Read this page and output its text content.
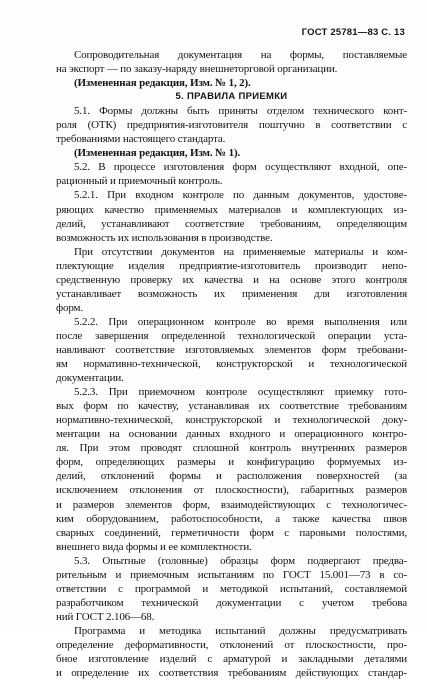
ГОСТ 25781—83 С. 13
Сопроводительная документация на формы, поставляемые
на экспорт — по заказу-наряду внешнеторговой организации.
(Измененная редакция, Изм. № 1, 2).
5. ПРАВИЛА ПРИЕМКИ
5.1. Формы должны быть приняты отделом технического конт-
роля (ОТК) предприятия-изготовителя поштучно в соответствии с
требованиями настоящего стандарта.
(Измененная редакция, Изм. № 1).
5.2. В процессе изготовления форм осуществляют входной, опе-
рационный и приемочный контроль.
5.2.1. При входном контроле по данным документов, удостове-
ряющих качество применяемых материалов и комплектующих из-
делий, устанавливают соответствие требованиям, определяющим
возможность их использования в производстве.
При отсутствии документов на применяемые материалы и ком-
плектующие изделия предприятие-изготовитель производит непо-
средственную проверку их качества и на основе этого контроля
устанавливает возможность их применения для изготовления
форм.
5.2.2. При операционном контроле во время выполнения или
после завершения определенной технологической операции уста-
навливают соответствие изготовляемых элементов форм требовани-
ям нормативно-технической, конструкторской и технологической
документации.
5.2.3. При приемочном контроле осуществляют приемку гото-
вых форм по качеству, устанавливая их соответствие требованиям
нормативно-технической, конструкторской и технологической доку-
ментации на основании данных входного и операционного контро-
ля. При этом проводят сплошной контроль внутренних размеров
форм, определяющих размеры и конфигурацию формуемых из-
делий, отклонений формы и расположения поверхностей (за
исключением отклонения от плоскостности), габаритных размеров
и размеров элементов форм, взаимодействующих с технологичес-
ким оборудованием, работоспособности, а также качества швов
сварных соединений, герметичности форм с паровыми полостями,
внешнего вида формы и ее комплектности.
5.3. Опытные (головные) образцы форм подвергают предва-
рительным и приемочным испытаниям по ГОСТ 15.001—73 в со-
ответствии с программой и методикой испытаний, составляемой
разработчиком технической документации с учетом требова
ний ГОСТ 2.106—68.
Программа и методика испытаний должны предусматривать
определение деформативности, отклонений от плоскостности, про-
бное изготовление изделий с арматурой и закладными деталями
и определение их соответствия требованиям действующих стандар-
